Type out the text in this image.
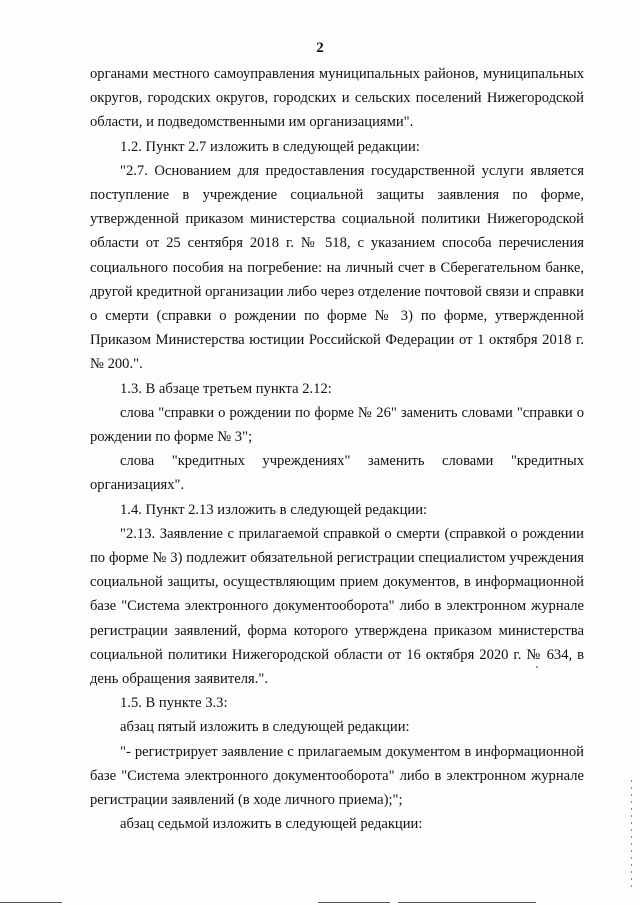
2

органами местного самоуправления муниципальных районов, муниципальных округов, городских округов, городских и сельских поселений Нижегородской области, и подведомственными им организациями".

1.2. Пункт 2.7 изложить в следующей редакции:

"2.7. Основанием для предоставления государственной услуги является поступление в учреждение социальной защиты заявления по форме, утвержденной приказом министерства социальной политики Нижегородской области от 25 сентября 2018 г. № 518, с указанием способа перечисления социального пособия на погребение: на личный счет в Сберегательном банке, другой кредитной организации либо через отделение почтовой связи и справки о смерти (справки о рождении по форме № 3) по форме, утвержденной Приказом Министерства юстиции Российской Федерации от 1 октября 2018 г. № 200.".

1.3. В абзаце третьем пункта 2.12:

слова "справки о рождении по форме № 26" заменить словами "справки о рождении по форме № 3";

слова "кредитных учреждениях" заменить словами "кредитных организациях".

1.4. Пункт 2.13 изложить в следующей редакции:

"2.13. Заявление с прилагаемой справкой о смерти (справкой о рождении по форме № 3) подлежит обязательной регистрации специалистом учреждения социальной защиты, осуществляющим прием документов, в информационной базе "Система электронного документооборота" либо в электронном журнале регистрации заявлений, форма которого утверждена приказом министерства социальной политики Нижегородской области от 16 октября 2020 г. № 634, в день обращения заявителя.".

1.5. В пункте 3.3:

абзац пятый изложить в следующей редакции:

"- регистрирует заявление с прилагаемым документом в информационной базе "Система электронного документооборота" либо в электронном журнале регистрации заявлений (в ходе личного приема);";

абзац седьмой изложить в следующей редакции:
